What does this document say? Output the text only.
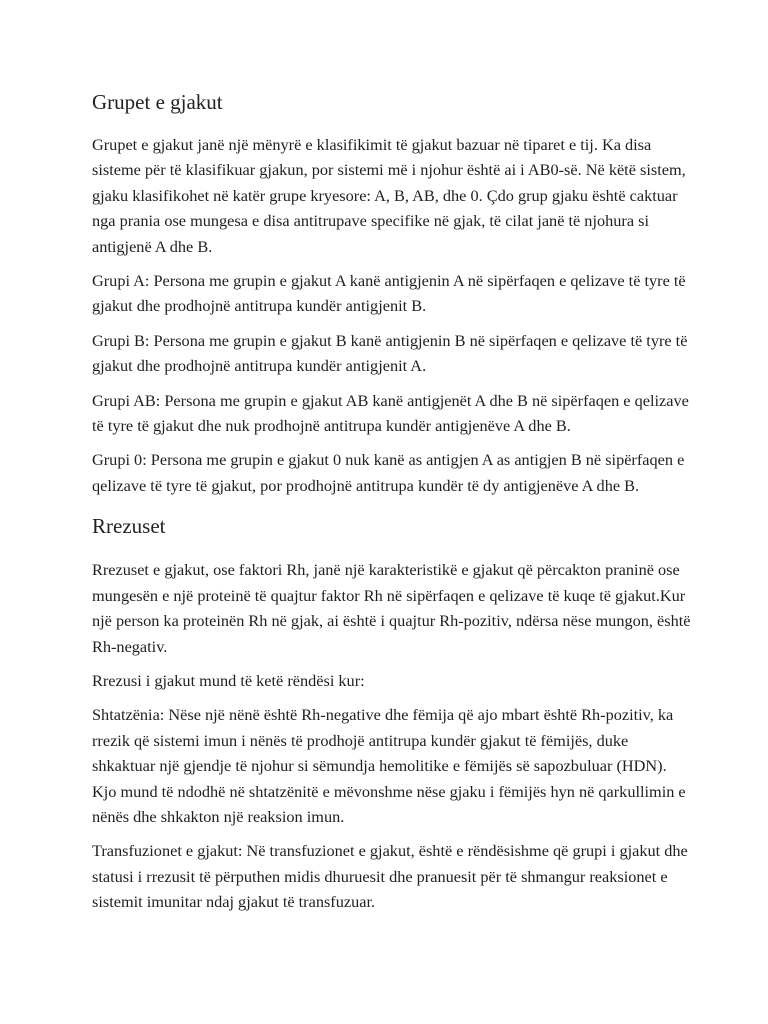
Grupet e gjakut

Grupet e gjakut janë një mënyrë e klasifikimit të gjakut bazuar në tiparet e tij. Ka disa sisteme për të klasifikuar gjakun, por sistemi më i njohur është ai i AB0-së. Në këtë sistem, gjaku klasifikohet në katër grupe kryesore: A, B, AB, dhe 0. Çdo grup gjaku është caktuar nga prania ose mungesa e disa antitrupave specifike në gjak, të cilat janë të njohura si antigjenë A dhe B.

Grupi A: Persona me grupin e gjakut A kanë antigjenin A në sipërfaqen e qelizave të tyre të gjakut dhe prodhojnë antitrupa kundër antigjenit B.

Grupi B: Persona me grupin e gjakut B kanë antigjenin B në sipërfaqen e qelizave të tyre të gjakut dhe prodhojnë antitrupa kundër antigjenit A.

Grupi AB: Persona me grupin e gjakut AB kanë antigjenët A dhe B në sipërfaqen e qelizave të tyre të gjakut dhe nuk prodhojnë antitrupa kundër antigjenëve A dhe B.

Grupi 0: Persona me grupin e gjakut 0 nuk kanë as antigjen A as antigjen B në sipërfaqen e qelizave të tyre të gjakut, por prodhojnë antitrupa kundër të dy antigjenëve A dhe B.

Rrezuset

Rrezuset e gjakut, ose faktori Rh, janë një karakteristikë e gjakut që përcakton praninë ose mungesën e një proteinë të quajtur faktor Rh në sipërfaqen e qelizave të kuqe të gjakut.Kur një person ka proteinën Rh në gjak, ai është i quajtur Rh-pozitiv, ndërsa nëse mungon, është Rh-negativ.

Rrezusi i gjakut mund të ketë rëndësi kur:

Shtatzënia: Nëse një nënë është Rh-negative dhe fëmija që ajo mbart është Rh-pozitiv, ka rrezik që sistemi imun i nënës të prodhojë antitrupa kundër gjakut të fëmijës, duke shkaktuar një gjendje të njohur si sëmundja hemolitike e fëmijës së sapozbuluar (HDN). Kjo mund të ndodhë në shtatzënitë e mëvonshme nëse gjaku i fëmijës hyn në qarkullimin e nënës dhe shkakton një reaksion imun.

Transfuzionet e gjakut: Në transfuzionet e gjakut, është e rëndësishme që grupi i gjakut dhe statusi i rrezusit të përputhen midis dhuruesit dhe pranuesit për të shmangur reaksionet e sistemit imunitar ndaj gjakut të transfuzuar.
